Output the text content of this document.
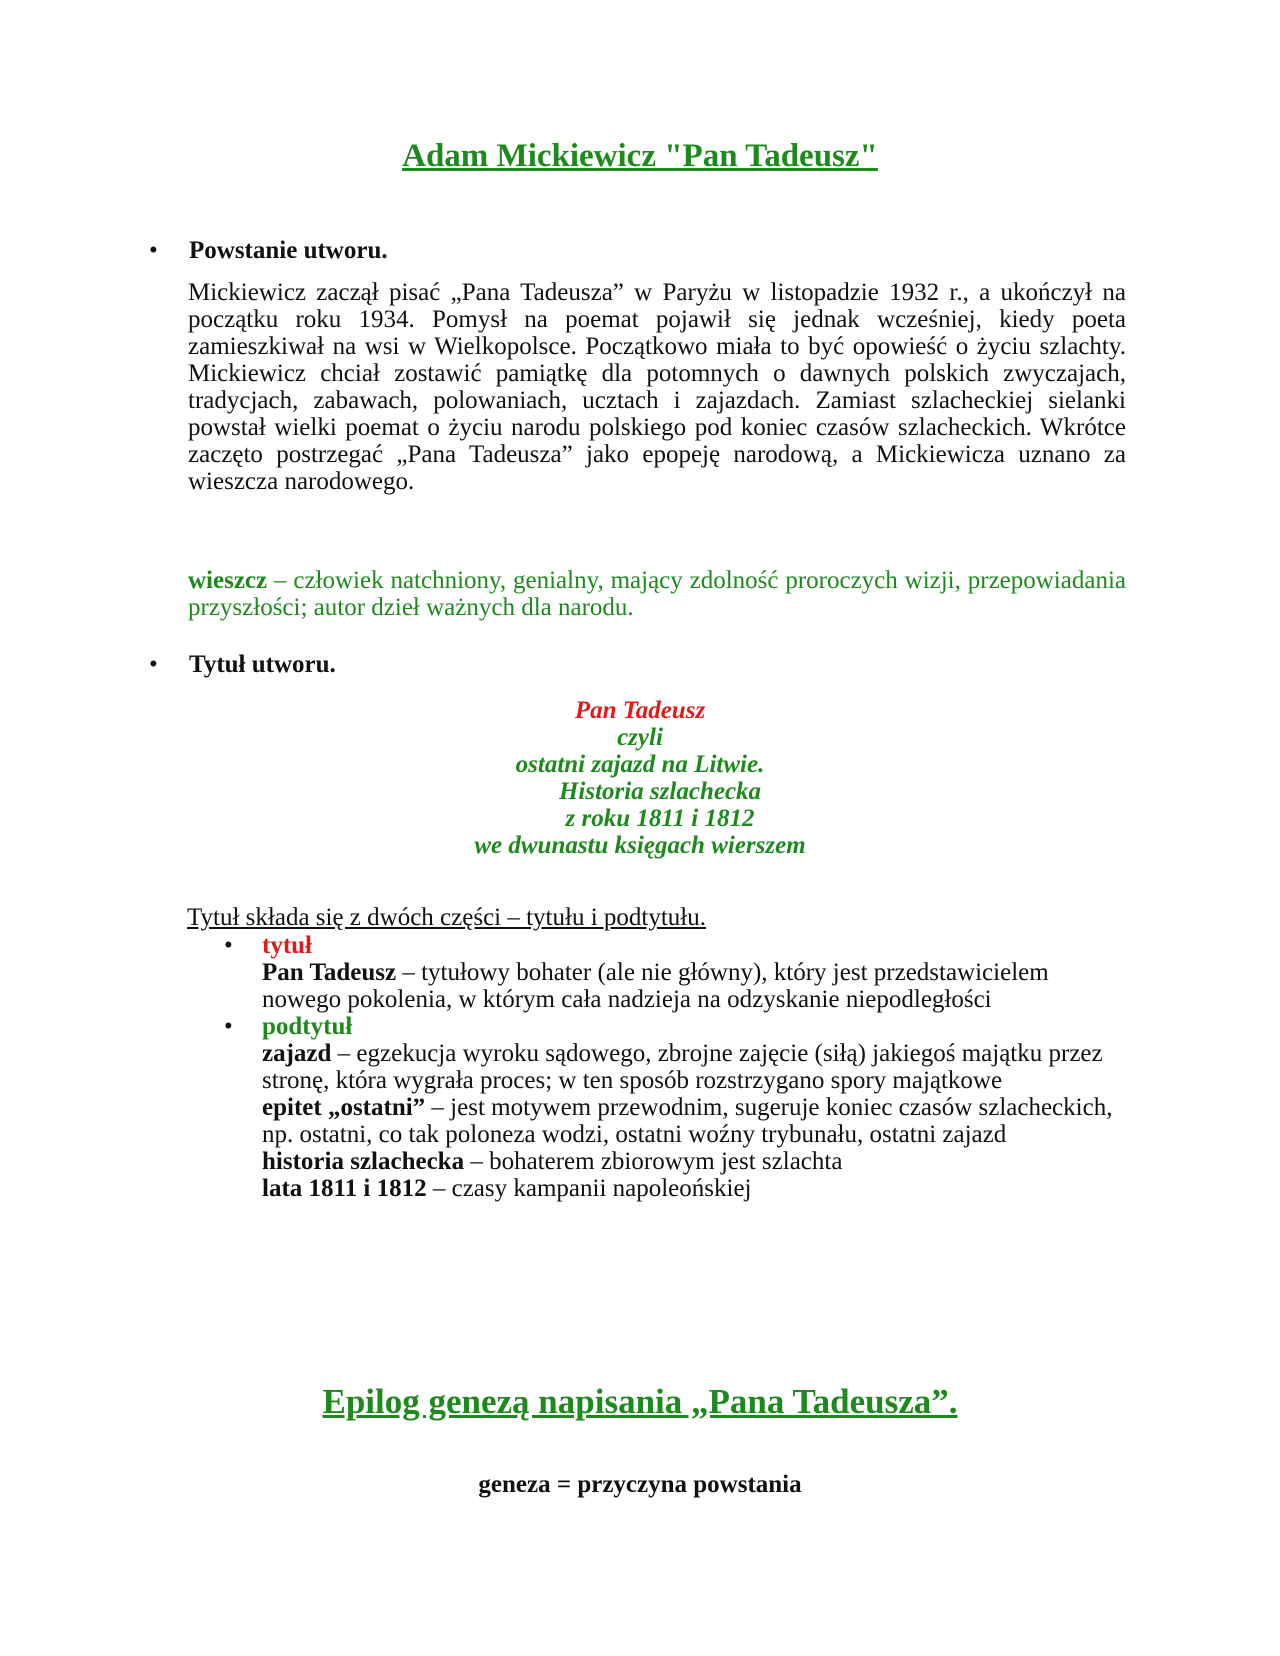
Adam Mickiewicz "Pan Tadeusz"
• Powstanie utworu.
Mickiewicz zaczął pisać „Pana Tadeusza” w Paryżu w listopadzie 1932 r., a ukończył na początku roku 1934. Pomysł na poemat pojawił się jednak wcześniej, kiedy poeta zamieszkiwał na wsi w Wielkopolsce. Początkowo miała to być opowieść o życiu szlachty. Mickiewicz chciał zostawić pamiątkę dla potomnych o dawnych polskich zwyczajach, tradycjach, zabawach, polowaniach, ucztach i zajazdach. Zamiast szlacheckiej sielanki powstał wielki poemat o życiu narodu polskiego pod koniec czasów szlacheckich. Wkrótce zaczęto postrzegać „Pana Tadeusza” jako epopeję narodową, a Mickiewicza uznano za wieszcza narodowego.
wieszcz – człowiek natchniony, genialny, mający zdolność proroczych wizji, przepowiadania przyszłości; autor dzieł ważnych dla narodu.
• Tytuł utworu.
Pan Tadeusz
czyli
ostatni zajazd na Litwie.
Historia szlachecka
z roku 1811 i 1812
we dwunastu księgach wierszem
Tytuł składa się z dwóch części – tytułu i podtytułu.
• tytuł
Pan Tadeusz – tytułowy bohater (ale nie główny), który jest przedstawicielem nowego pokolenia, w którym cała nadzieja na odzyskanie niepodległości
• podtytuł
zajazd – egzekucja wyroku sądowego, zbrojne zajęcie (siłą) jakiegoś majątku przez stronę, która wygrała proces; w ten sposób rozstrzygano spory majątkowe
epitet „ostatni” – jest motywem przewodnim, sugeruje koniec czasów szlacheckich, np. ostatni, co tak poloneza wodzi, ostatni woźny trybunału, ostatni zajazd
historia szlachecka – bohaterem zbiorowym jest szlachta
lata 1811 i 1812 – czasy kampanii napoleońskiej
Epilog genezą napisania „Pana Tadeusza”.
geneza = przyczyna powstania
